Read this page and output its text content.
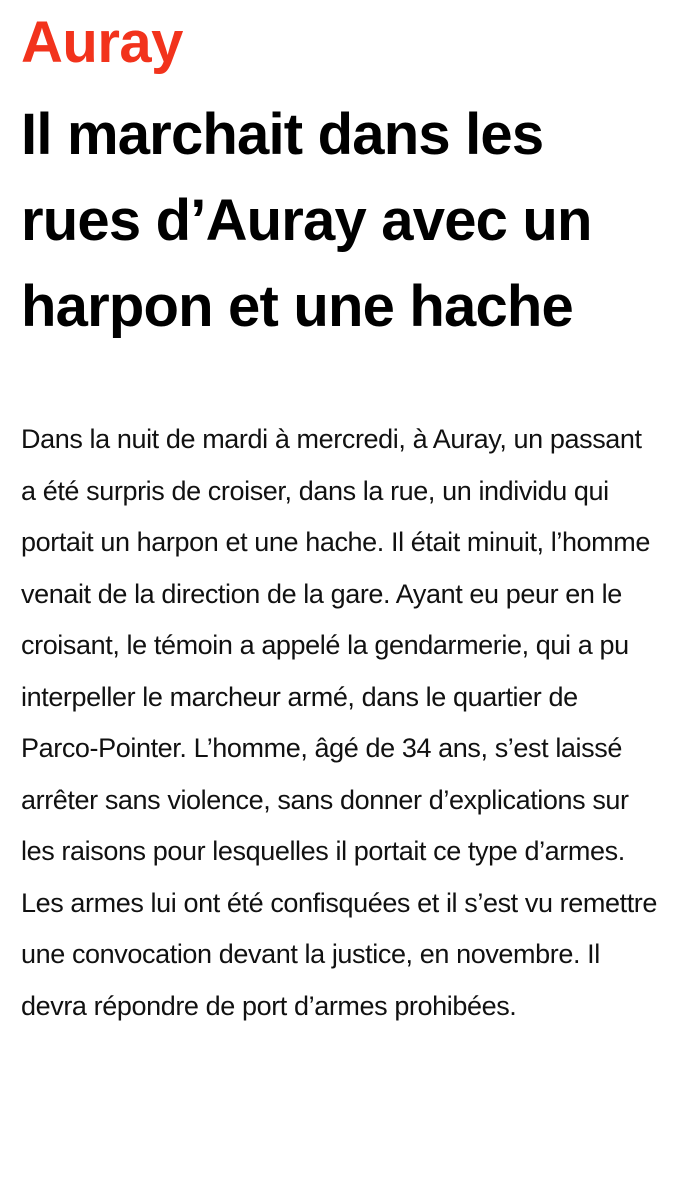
Auray
Il marchait dans les rues d’Auray avec un harpon et une hache

Dans la nuit de mardi à mercredi, à Auray, un passant a été surpris de croiser, dans la rue, un individu qui portait un harpon et une hache. Il était minuit, l’homme venait de la direction de la gare. Ayant eu peur en le croisant, le témoin a appelé la gendarmerie, qui a pu interpeller le marcheur armé, dans le quartier de Parco-Pointer. L’homme, âgé de 34 ans, s’est laissé arrêter sans violence, sans donner d’explications sur les raisons pour lesquelles il portait ce type d’armes. Les armes lui ont été confisquées et il s’est vu remettre une convocation devant la justice, en novembre. Il devra répondre de port d’armes prohibées.
